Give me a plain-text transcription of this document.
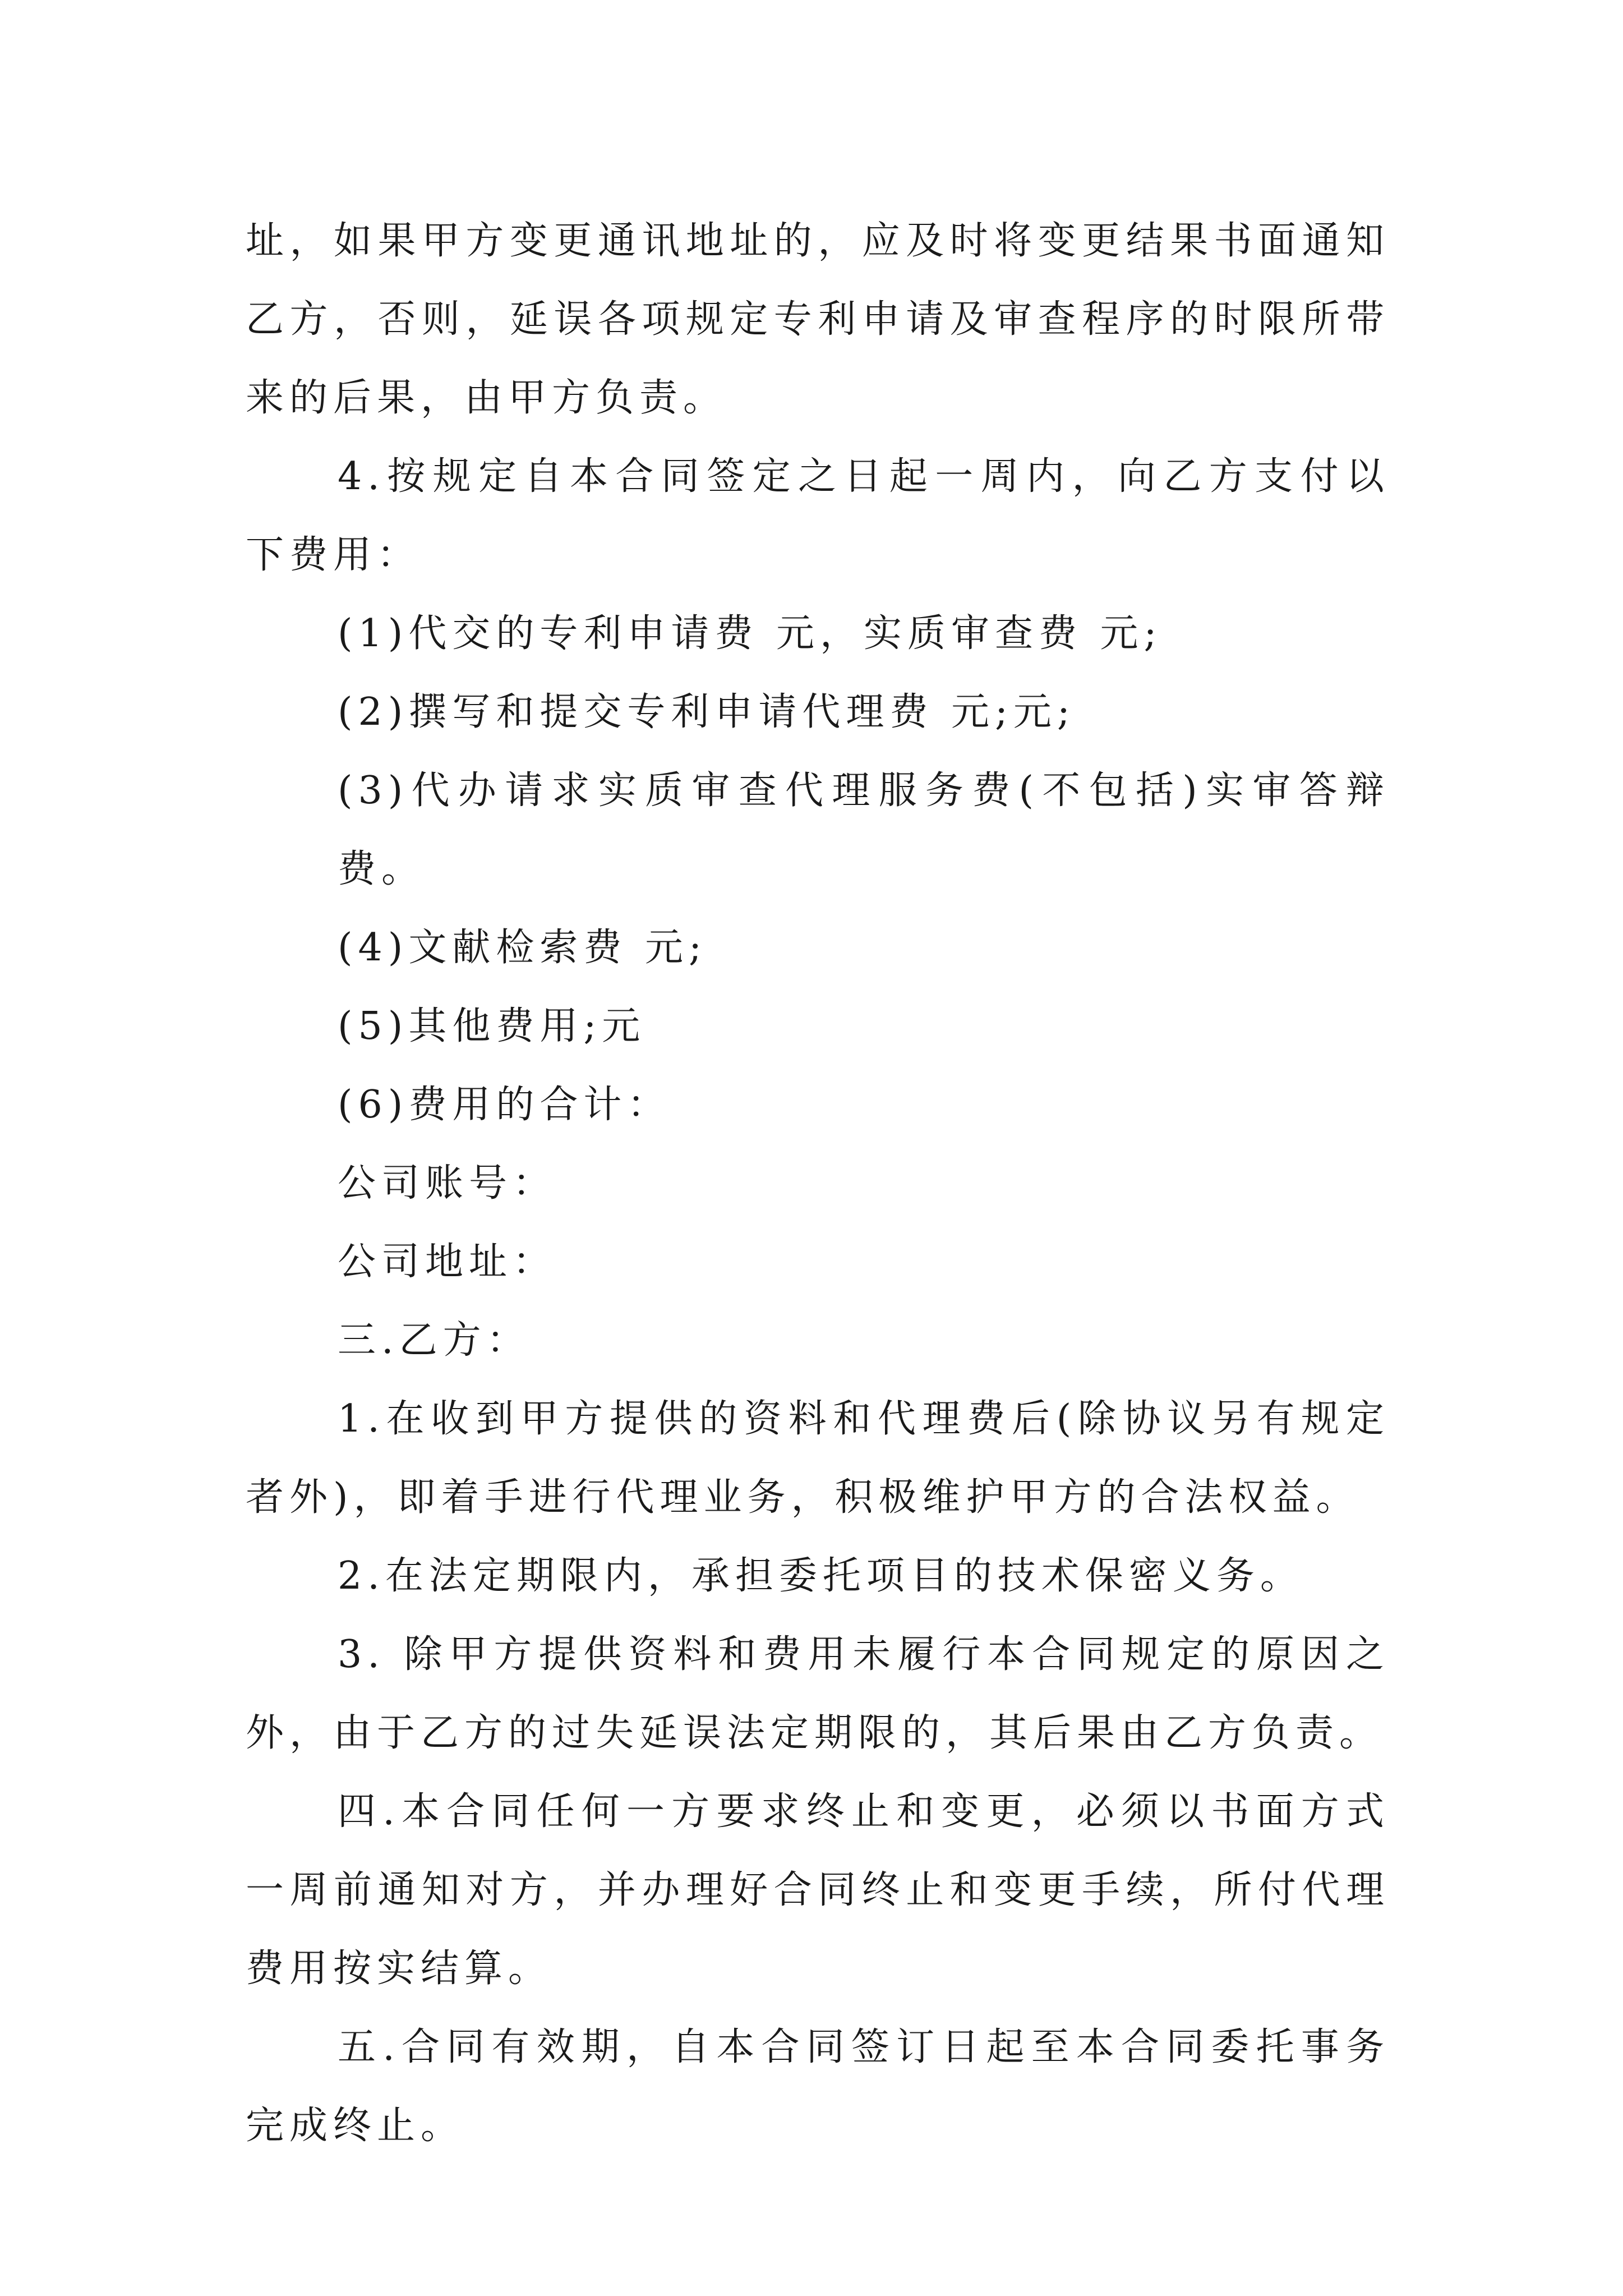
址，如果甲方变更通讯地址的，应及时将变更结果书面通知乙方，否则，延误各项规定专利申请及审查程序的时限所带来的后果，由甲方负责。

4.按规定自本合同签定之日起一周内，向乙方支付以下费用：

(1)代交的专利申请费 元，实质审查费 元;

(2)撰写和提交专利申请代理费 元;元;

(3)代办请求实质审查代理服务费(不包括)实审答辩费。

(4)文献检索费 元;

(5)其他费用;元

(6)费用的合计：

公司账号：

公司地址：

三.乙方：

1.在收到甲方提供的资料和代理费后(除协议另有规定者外)，即着手进行代理业务，积极维护甲方的合法权益。

2.在法定期限内，承担委托项目的技术保密义务。

3. 除甲方提供资料和费用未履行本合同规定的原因之外，由于乙方的过失延误法定期限的，其后果由乙方负责。

四.本合同任何一方要求终止和变更，必须以书面方式一周前通知对方，并办理好合同终止和变更手续，所付代理费用按实结算。

五.合同有效期，自本合同签订日起至本合同委托事务完成终止。
